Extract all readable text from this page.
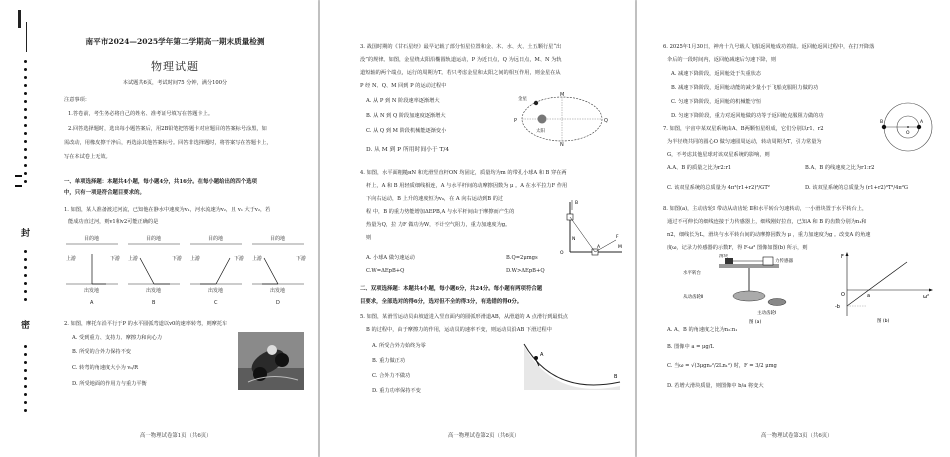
封
密
南平市2024—2025学年第二学期高一期末质量检测
物理试题
本试题共6页，考试时间75 分钟，满分100分
注意事项：
1.答卷前，考生务必将自己的姓名、准考证号填写在答题卡上。
2.回答选择题时，选出每小题答案后，用2B铅笔把答题卡对应题目的答案标号涂黑，如
需改动，用橡皮擦干净后，再选涂其他答案标号。回答非选择题时，将答案写在答题卡上，
写在本试卷上无效。
一、单项选择题：本题共4小题，每小题4分，共16分。在每小题给出的四个选项
中，只有一项是符合题目要求的。
1. 如图，某人准备渡过河流，已知他在静水中速度为v₁，河水流速为v₂，且 v₁ 大于v₂，若
能成功直过河，则v1和v2可能正确的是
目的地
上游	下游
出发地
A
目的地
上游	下游
出发地
B
目的地
上游	下游
出发地
C
目的地
上游	下游
出发地
D
2. 如图，摩托车沿平行于P 的水平圆弧弯道以v0的速率转弯，则摩托车
A. 受到重力、支持力、摩擦力和向心力
B. 所受的合外力保持不变
C. 转弯的角速度大小为 v₀/R
D. 所受地面的作用力与重力平衡
高一物理试卷第1页（共6页）
3. 战国时期的《甘石星经》最早记载了部分恒星位置和金、木、水、火、土五颗行星“出
没”的规律。如图，金星绕太阳沿椭圆轨道运动，P 为近日点，Q 为远日点，M、N 为轨
道短轴的两个端点，运行的周期为T。若只考虑金星和太阳之间的相互作用，则金星在从
P 经 N、Q、M 回到 P 的运动过程中
A. 从 P 到 N 阶段速率逐渐增大
B. 从 N 到 Q 阶段加速度逐渐增大
C. 从 Q 到 M 阶段机械能逐渐变小
D. 从 M 到 P 所用时间小于 T/4
金星
太阳
P	Q
M
N
4. 如图，水平面粗糙ʜN 和光滑竖直杆ON 均固定，质量均为m 的带孔小球A 和 B 穿在两
杆上，A 和 B 用轻质细线相连，A 与水平杆间的动摩擦因数为 μ 。A 在水平拉力F 作用
下向右运动，B 上升的速度恒为v₀，在 A 向右运动到B 的过
程 中，B 的重力势能增加ΔEPB,A 与水平杆间由于摩擦而产生的
热量为Q，拉 力F 做功为W，不计空气阻力，重力加速度为g。
则
B
A
F
M
O
N
A. 小球A 做匀速运动	B.Q=2μmgs
C.W=ΔEpB+Q	D.W>ΔEpB+Q
二、双项选择题：本题共4小题，每小题6分，共24分。每小题有两项符合题
目要求，全部选对的得6分，选对但不全的得3分，有选错的得0分。
5. 如图，某滑雪运动员由坡道进入竖直面内的圆弧形滑道AB，从滑道的 A 点滑行到最低点
B 的过程中，由于摩擦力的作用，运动员的速率不变，则运动员沿AB 下滑过程中
A. 所受合外力始终为零
B. 重力做正功
C. 合外力不做功
D. 重力功率保持不变
A
B
高一物理试卷第2页（共6页）
6. 2025年1月30日，神舟十九号载人飞船返回舱成功着陆。返回舱返回过程中，在打开降落
伞后的一段时间内，返回舱减速后匀速下降，则
A. 减速下降阶段，返回舱处于失重状态
B. 减速下降阶段，返回舱动能的减少量小于飞船克服阻力做的功
C. 匀速下降阶段，返回舱的机械能守恒
D. 匀速下降阶段，重力对返回舱做的功等于返回舱克服阻力做的功
7. 如图，宇宙中某双星系统由A、B两颗恒星组成，它们分别以r1、r2
为半径绕共同的圆心O 做匀速圆周运动，转动周期为T，引力常量为
G，不考虑其他星球对该双星系统的影响，则
O
A
B
A.A、B 的质量之比为r2:r1	B.A、B 的线速度之比为r1:r2
C. 该双星系统的总质量为 4π²(r1+r2)³/GT²	D. 该双星系统的总质量为 (r1+r2)³T²/4π²G
8. 如图(a)，主动齿轮I 带动从动齿轮 Ⅱ和水平转台匀速转动，一小滑块置于水平转台上，
通过不可伸长的细线连接于力传感器上，细线刚好拉直，已知A 和 B 的齿数分别为n₁和
n2，细线长为L，滑块与水平转台间的动摩擦因数为 μ ，重力加速度为g 。改变A 的角速
度ω，记录力传感器的示数F，得 F-ω² 图像如图(b) 所示，则
滑块
力传感器
水平转台
从动齿轮Ⅱ
主动齿轮Ⅰ
图 (a)
F
ω²
O	a
-b
图 (b)
A. A、B 的角速度之比为n₂:n₁
B. 图像中 a = μg/L
C. 当ω = √(3μgn₂²/2Ln₁²) 时，F = 3/2 μmg
D. 若增大滑块质量，则图像中 b/a 将变大
高一物理试卷第3页（共6页）
